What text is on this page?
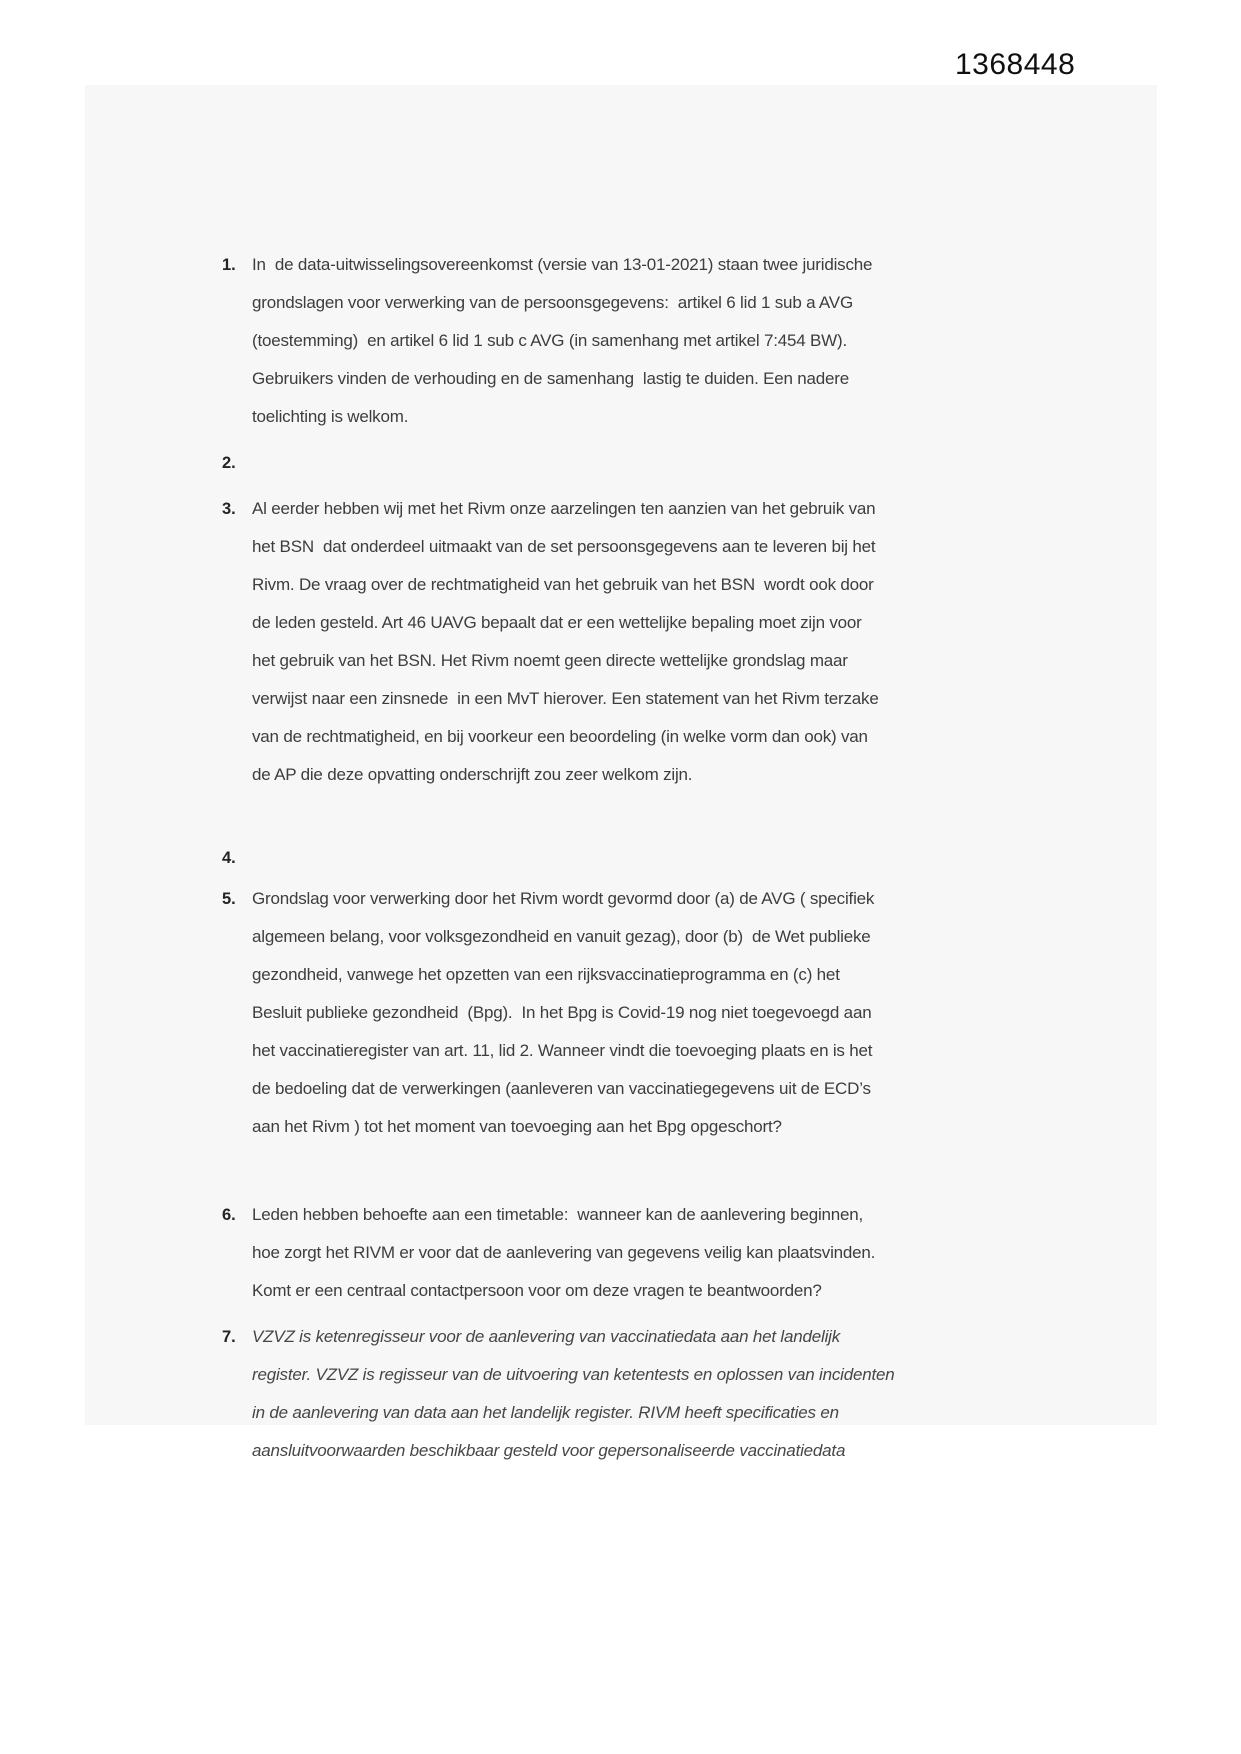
1368448
1. In  de data-uitwisselingsovereenkomst (versie van 13-01-2021) staan twee juridische
grondslagen voor verwerking van de persoonsgegevens:  artikel 6 lid 1 sub a AVG
(toestemming)  en artikel 6 lid 1 sub c AVG (in samenhang met artikel 7:454 BW).
Gebruikers vinden de verhouding en de samenhang  lastig te duiden. Een nadere
toelichting is welkom.
2.
3. Al eerder hebben wij met het Rivm onze aarzelingen ten aanzien van het gebruik van
het BSN  dat onderdeel uitmaakt van de set persoonsgegevens aan te leveren bij het
Rivm. De vraag over de rechtmatigheid van het gebruik van het BSN  wordt ook door
de leden gesteld. Art 46 UAVG bepaalt dat er een wettelijke bepaling moet zijn voor
het gebruik van het BSN. Het Rivm noemt geen directe wettelijke grondslag maar
verwijst naar een zinsnede  in een MvT hierover. Een statement van het Rivm terzake
van de rechtmatigheid, en bij voorkeur een beoordeling (in welke vorm dan ook) van
de AP die deze opvatting onderschrijft zou zeer welkom zijn.
4.
5. Grondslag voor verwerking door het Rivm wordt gevormd door (a) de AVG ( specifiek
algemeen belang, voor volksgezondheid en vanuit gezag), door (b)  de Wet publieke
gezondheid, vanwege het opzetten van een rijksvaccinatieprogramma en (c) het
Besluit publieke gezondheid  (Bpg).  In het Bpg is Covid-19 nog niet toegevoegd aan
het vaccinatieregister van art. 11, lid 2. Wanneer vindt die toevoeging plaats en is het
de bedoeling dat de verwerkingen (aanleveren van vaccinatiegegevens uit de ECD’s
aan het Rivm ) tot het moment van toevoeging aan het Bpg opgeschort?
6. Leden hebben behoefte aan een timetable:  wanneer kan de aanlevering beginnen,
hoe zorgt het RIVM er voor dat de aanlevering van gegevens veilig kan plaatsvinden.
Komt er een centraal contactpersoon voor om deze vragen te beantwoorden?
7. VZVZ is ketenregisseur voor de aanlevering van vaccinatiedata aan het landelijk
register. VZVZ is regisseur van de uitvoering van ketentests en oplossen van incidenten
in de aanlevering van data aan het landelijk register. RIVM heeft specificaties en
aansluitvoorwaarden beschikbaar gesteld voor gepersonaliseerde vaccinatiedata
